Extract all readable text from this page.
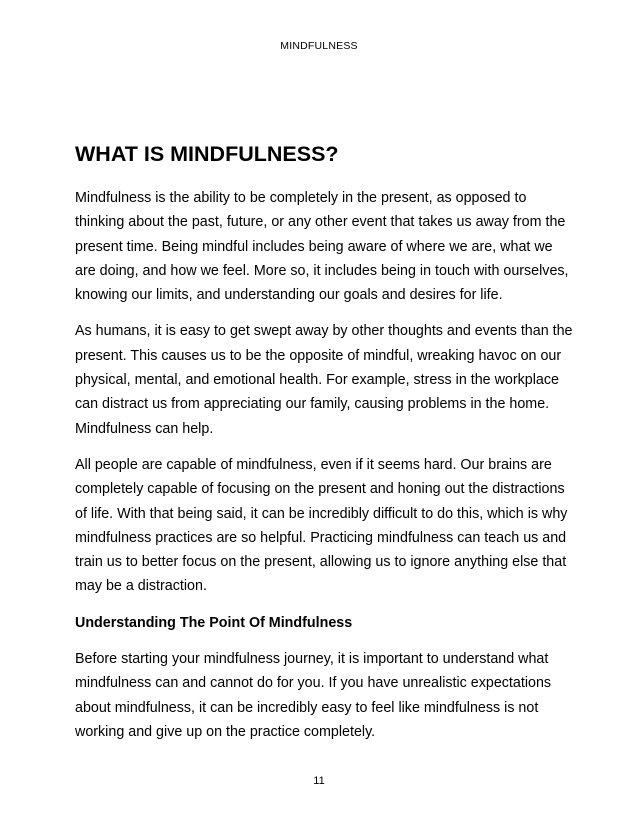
MINDFULNESS
WHAT IS MINDFULNESS?

Mindfulness is the ability to be completely in the present, as opposed to thinking about the past, future, or any other event that takes us away from the present time. Being mindful includes being aware of where we are, what we are doing, and how we feel. More so, it includes being in touch with ourselves, knowing our limits, and understanding our goals and desires for life.

As humans, it is easy to get swept away by other thoughts and events than the present. This causes us to be the opposite of mindful, wreaking havoc on our physical, mental, and emotional health. For example, stress in the workplace can distract us from appreciating our family, causing problems in the home. Mindfulness can help.

All people are capable of mindfulness, even if it seems hard. Our brains are completely capable of focusing on the present and honing out the distractions of life. With that being said, it can be incredibly difficult to do this, which is why mindfulness practices are so helpful. Practicing mindfulness can teach us and train us to better focus on the present, allowing us to ignore anything else that may be a distraction.

Understanding The Point Of Mindfulness

Before starting your mindfulness journey, it is important to understand what mindfulness can and cannot do for you. If you have unrealistic expectations about mindfulness, it can be incredibly easy to feel like mindfulness is not working and give up on the practice completely.

11
